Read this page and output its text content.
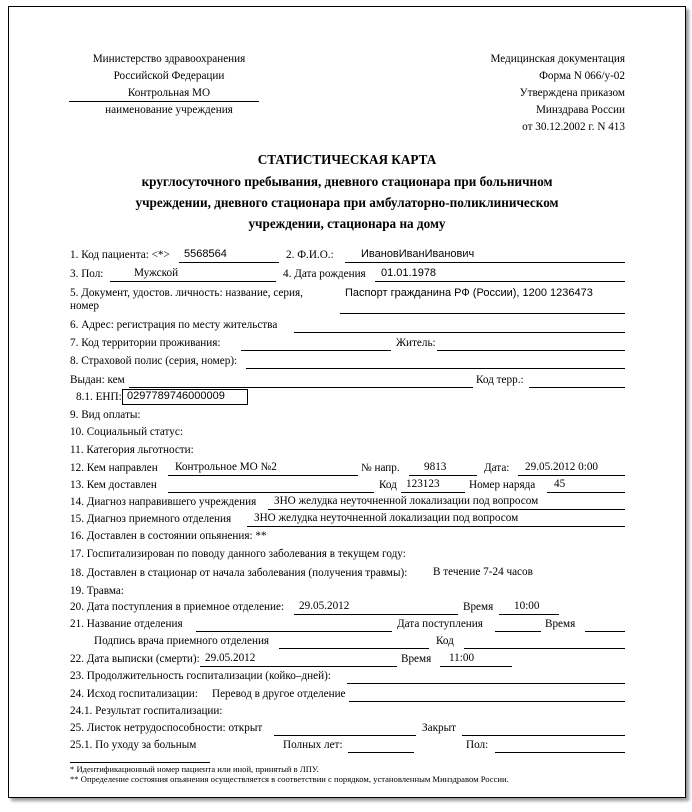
Министерство здравоохранения
Российской Федерации
Контрольная МО
наименование учреждения
Медицинская документация
Форма N 066/у-02
Утверждена приказом
Минздрава России
от 30.12.2002 г. N 413
СТАТИСТИЧЕСКАЯ КАРТА
круглосуточного пребывания, дневного стационара при больничном
учреждении, дневного стационара при амбулаторно-поликлиническом
учреждении, стационара на дому
1. Код пациента: <*> 5568564	2. Ф.И.О.: ИвановИванИванович
3. Пол:	Мужской	4. Дата рождения 01.01.1978
5. Документ, удостов. личность: название, серия,
номер
Паспорт гражданина РФ (России), 1200 1236473
6. Адрес: регистрация по месту жительства
7. Код территории проживания:	Житель:
8. Страховой полис (серия, номер):
Выдан: кем	Код терр.:
8.1. ЕНП: 0297789746000009
9. Вид оплаты:
10. Социальный статус:
11. Категория льготности:
12. Кем направлен Контрольное МО №2	№ напр. 9813	Дата: 29.05.2012 0:00
13. Кем доставлен	Код 123123	Номер наряда 45
14. Диагноз направившего учреждения ЗНО желудка неуточненной локализации под вопросом
15. Диагноз приемного отделения ЗНО желудка неуточненной локализации под вопросом
16. Доставлен в состоянии опьянения: **
17. Госпитализирован по поводу данного заболевания в текущем году:
18. Доставлен в стационар от начала заболевания (получения травмы): В течение 7-24 часов
19. Травма:
20. Дата поступления в приемное отделение: 29.05.2012	Время 10:00
21. Название отделения	Дата поступления	Время
Подпись врача приемного отделения	Код
22. Дата выписки (смерти): 29.05.2012	Время 11:00
23. Продолжительность госпитализации (койко–дней):
24. Исход госпитализации: Перевод в другое отделение
24.1. Результат госпитализации:
25. Листок нетрудоспособности: открыт	Закрыт
25.1. По уходу за больным	Полных лет:	Пол:
* Идентификационный номер пациента или иной, принятый в ЛПУ.
** Определение состояния опьянения осуществляется в соответствии с порядком, установленным Минздравом России.
